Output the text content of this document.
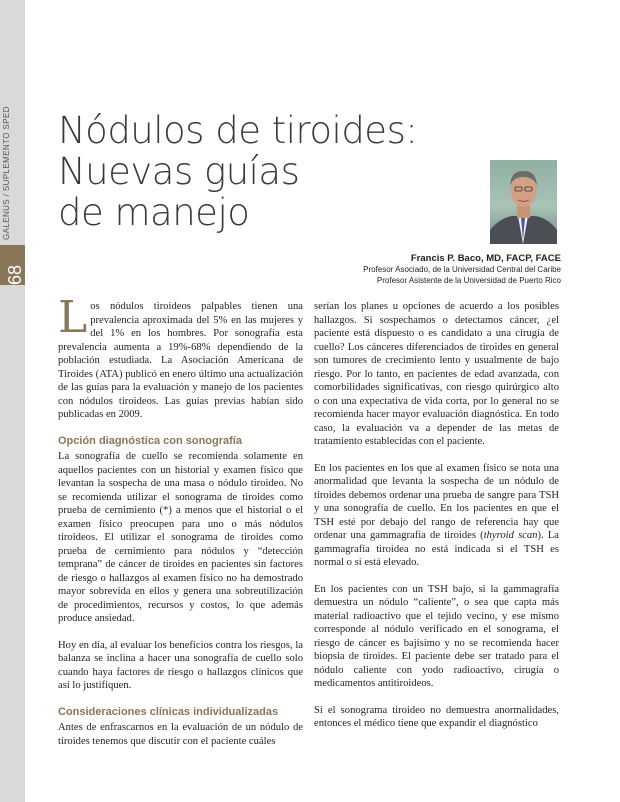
GALENUS / SUPLEMENTO SPED
68
Nódulos de tiroides:
Nuevas guías
de manejo
Francis P. Baco, MD, FACP, FACE
Profesor Asociado, de la Universidad Central del Caribe
Profesor Asistente de la Universidad de Puerto Rico

Los nódulos tiroideos palpables tienen una prevalencia aproximada del 5% en las mujeres y del 1% en los hombres. Por sonografía esta prevalencia aumenta a 19%-68% dependiendo de la población estudiada. La Asociación Americana de Tiroides (ATA) publicó en enero último una actualización de las guías para la evaluación y manejo de los pacientes con nódulos tiroideos. Las guías previas habían sido publicadas en 2009.

Opción diagnóstica con sonografía

La sonografía de cuello se recomienda solamente en aquellos pacientes con un historial y examen físico que levantan la sospecha de una masa o nódulo tiroideo. No se recomienda utilizar el sonograma de tiroides como prueba de cernimiento (*) a menos que el historial o el examen físico preocupen para uno o más nódulos tiroideos. El utilizar el sonograma de tiroides como prueba de cernimiento para nódulos y “detección temprana” de cáncer de tiroides en pacientes sin factores de riesgo o hallazgos al examen físico no ha demostrado mayor sobrevida en ellos y genera una sobreutilización de procedimientos, recursos y costos, lo que además produce ansiedad.

Hoy en día, al evaluar los beneficios contra los riesgos, la balanza se inclina a hacer una sonografía de cuello solo cuando haya factores de riesgo o hallazgos clínicos que así lo justifiquen.

Consideraciones clínicas individualizadas

Antes de enfrascarnos en la evaluación de un nódulo de tiroides tenemos que discutir con el paciente cuáles

serían los planes u opciones de acuerdo a los posibles hallazgos. Si sospechamos o detectamos cáncer, ¿el paciente está dispuesto o es candidato a una cirugía de cuello? Los cánceres diferenciados de tiroides en general son tumores de crecimiento lento y usualmente de bajo riesgo. Por lo tanto, en pacientes de edad avanzada, con comorbilidades significativas, con riesgo quirúrgico alto o con una expectativa de vida corta, por lo general no se recomienda hacer mayor evaluación diagnóstica. En todo caso, la evaluación va a depender de las metas de tratamiento establecidas con el paciente.

En los pacientes en los que al examen físico se nota una anormalidad que levanta la sospecha de un nódulo de tiroides debemos ordenar una prueba de sangre para TSH y una sonografía de cuello. En los pacientes en que el TSH esté por debajo del rango de referencia hay que ordenar una gammagrafía de tiroides (thyroid scan). La gammagrafía tiroidea no está indicada si el TSH es normal o si está elevado.

En los pacientes con un TSH bajo, si la gammagrafía demuestra un nódulo “caliente”, o sea que capta más material radioactivo que el tejido vecino, y ese mismo corresponde al nódulo verificado en el sonograma, el riesgo de cáncer es bajísimo y no se recomienda hacer biopsia de tiroides. El paciente debe ser tratado para el nódulo caliente con yodo radioactivo, cirugía o medicamentos antitiroideos.

Si el sonograma tiroideo no demuestra anormalidades, entonces el médico tiene que expandir el diagnóstico
